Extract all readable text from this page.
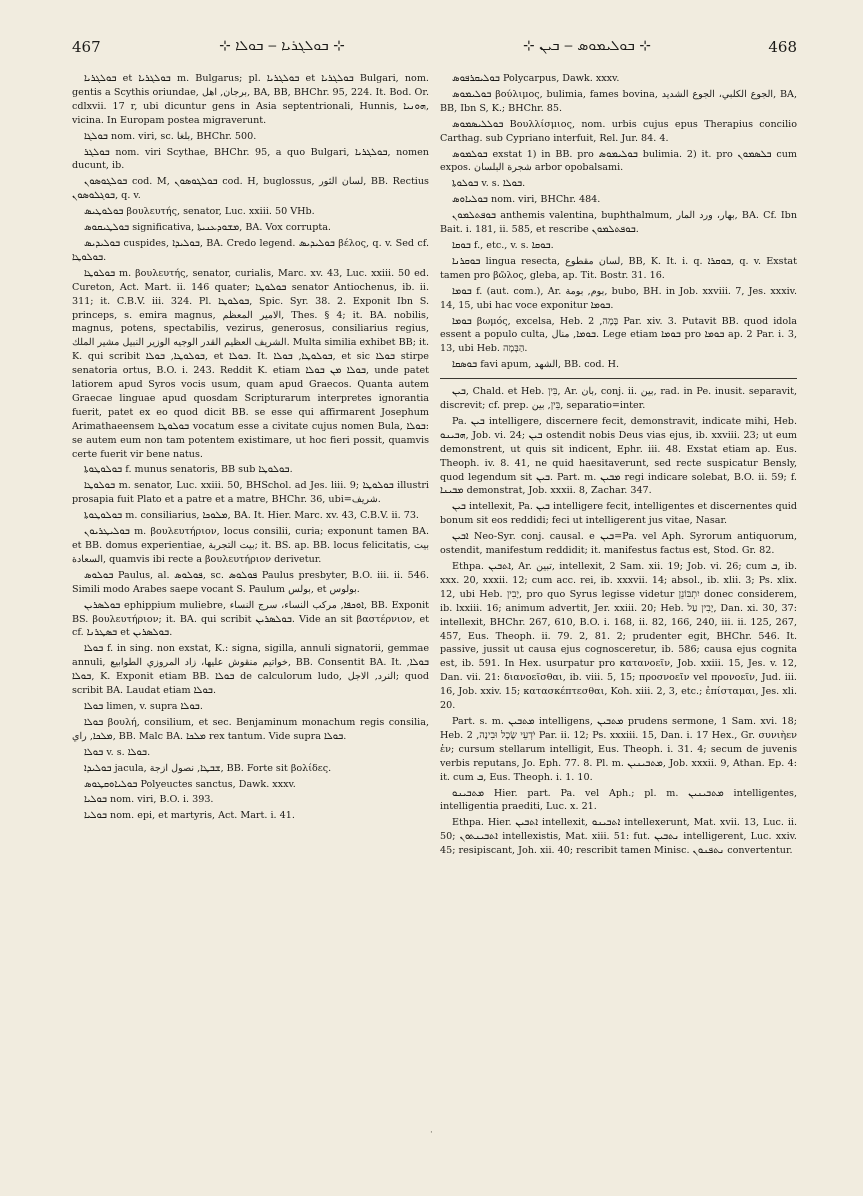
467	⊹ ܒܘܠܓܪܝܐ ‒ ܒܘܠܐ ⊹	⊹ ܒܘܠܝܡܘܣ ‒ ܒܝܢ ⊹	468

ܒܘܠܓܪܝܐ et ܒܘܠܓܪܝܐ m. Bulgarus; pl. ܒܘܠܓܪܝܐ et ܒܘܠܓܪܝܐ Bulgari, nom. gentis a Scythis oriundae, برجان, اهل, BA, BB, BHChr. 95, 224. It. Bod. Or. cdlxvii. 17 r, ubi dicuntur gens in Asia septentrionali, Hunnis, ܗܘܢܝܐ, vicina. In Europam postea migraverunt.

ܒܘܠܓܐ nom. viri, sc. بلغا, BHChr. 500.

ܒܘܠܓܪ nom. viri Scythae, BHChr. 95, a quo Bulgari, ܒܘܠܓܪܝܐ, nomen ducunt, ib.

ܒܘܠܓܘܣܘܢ cod. M, ܒܘܠܓܘܣܘܢ cod. H, buglossus, لسان الثور, BB. Rectius ܒܘܓܠܘܣܘܢ, q. v.

ܒܘܠܘܛܝܣ βουλευτής, senator, Luc. xxiii. 50 VHb.

ܒܘܠܛܝܩܘܣ significativa, ܡܫܘܕܥܢܝܬܐ, BA. Vox corrupta.

ܒܘܠܝܕܝܣ cuspides, ܒܘܠܝܕܐ, BA. Credo legend. ܒܘܠܝܕܝܣ βέλος, q. v. Sed cf. ܒܘܠܘܛܐ.

ܒܘܠܘܛܐ m. βουλευτής, senator, curialis, Marc. xv. 43, Luc. xxiii. 50 ed. Cureton, Act. Mart. ii. 146 quater; ܒܘܠܘܛܐ senator Antiochenus, ib. ii. 311; it. C.B.V. iii. 324. Pl. ܒܘܠܘܛܐ, Spic. Syr. 38. 2. Exponit Ibn S. princeps, s. emira magnus, الامير المعظم, Thes. § 4; it. BA. nobilis, magnus, potens, spectabilis, vezirus, generosus, consiliarius regius, الشريف العظيم القدر الوجيه الوزير النبيل مشير الملك. Multa similia exhibet BB; it. K. qui scribit ܒܘܠܘܛܐ, ܒܘܠܐ, et ܒܘܠܐ. It. ܒܘܠܘܛܐ, ܒܘܠܐ, et sic ܒܘܠܐ stirpe senatoria ortus, B.O. i. 243. Reddit K. etiam ܒܘܠܐ ܡܢ ܒܘܠܐ, unde patet latiorem apud Syros vocis usum, quam apud Graecos. Quanta autem Graecae linguae apud quosdam Scripturarum interpretes ignorantia fuerit, patet ex eo quod dicit BB. se esse qui affirmarent Josephum Arimathaeensem ܒܘܠܘܛܐ vocatum esse a civitate cujus nomen Bula, ܒܘܠܐ: se autem eum non tam potentem existimare, ut hoc fieri possit, quamvis certe fuerit vir bene natus.

ܒܘܠܘܛܘܬܐ f. munus senatoris, BB sub ܒܘܠܘܛܐ.

ܒܘܠܘܛܐ m. senator, Luc. xxiii. 50, BHSchol. ad Jes. liii. 9; ܒܘܠܘܛܐ illustri prosapia fuit Plato et a patre et a matre, BHChr. 36, ubi=شريف.

ܒܘܠܘܛܘܬܐ m. consiliarius, ܡܠܘܟܐ, BA. It. Hier. Marc. xv. 43, C.B.V. ii. 73.

ܒܘܠܝܛܪܝܘܢ m. βουλευτήριον, locus consilii, curia; exponunt tamen BA. et BB. domus experientiae, بيت التجربة; it. BS. ap. BB. locus felicitatis, بيت السعادة, quamvis ibi recte a βουλευτήριον derivetur.

ܒܘܠܘܣ Paulus, al. ܦܘܠܘܣ, sc. ܦܘܠܘܣ Paulus presbyter, B.O. iii. ii. 546. Simili modo Arabes saepe vocant S. Paulum بولس, et بولوس.

ܒܘܠܣܪܝܢ ephippium muliebre, ܐܘܟܦܐ, مركب النساء، سرج النساء, BB. Exponit BS. βουλευτήριον; it. BA. qui scribit ܒܘܠܣܪܝܢ. Vide an sit βαστέρνιον, et cf. ܒܣܛܪܢܐ et ܒܘܠܣܪܝܢ.

ܒܘܠܐ f. in sing. non exstat, K.: signa, sigilla, annuli signatorii, gemmae annuli, خواتيم منقوش عليها، زاد المروزي الطوابيع, BB. Consentit BA. It. ܒܘܠܐ, ܒܘܠܐ, K. Exponit etiam BB. ܒܘܠܐ de calculorum ludo, النرد, الاجل; quod scribit BA. Laudat etiam ܒܘܠܐ.

ܒܘܠܐ limen, v. supra ܒܘܠܐ.

ܒܘܠܐ βουλή, consilium, et sec. Benjaminum monachum regis consilia, ܡܠܟܐ, راي, BB. Malc BA. ܡܠܟܐ rex tantum. Vide supra ܒܘܠܐ.

ܒܘܠܐ v. s. ܒܘܠܐ.

ܒܘܠܝܕܐ jacula, ܫܒܛܐ, نصول ازجة, BB. Forte sit βολίδες.

ܒܘܠܝܐܘܩܛܘܣ Polyeuctes sanctus, Dawk. xxxv.

ܒܘܠܝܐ nom. viri, B.O. i. 393.

ܒܘܠܝܐ nom. epi, et martyris, Act. Mart. i. 41.

ܒܘܠܝܩܪܦܘܣ Polycarpus, Dawk. xxxv.

ܒܘܠܝܡܘܣ βούλιμος, bulimia, fames bovina, الجوع الكلبي، الجوع الشديد, BA, BB, Ibn S, K.; BHChr. 85.

ܒܘܠܠܝܣܡܘܣ Βουλλίσμιος, nom. urbis cujus epus Therapius concilio Carthag. sub Cypriano interfuit, Rel. Jur. 84. 4.

ܒܘܠܡܘܣ exstat 1) in BB. pro ܒܘܠܝܡܘܣ bulimia. 2) it. pro ܒܠܣܡܘܢ cum expos. شجرة البلسان arbor opobalsami.

ܒܘܠܘܬܐ v. s. ܒܘܠܐ.

ܒܘܠܝܐܘܣ nom. viri, BHChr. 484.

ܒܘܦܬܠܡܘܢ anthemis valentina, buphthalmum, بهار، ورد المار, BA. Cf. Ibn Bait. i. 181, ii. 585, et rescribe ܒܘܦܬܠܡܘܢ.

ܒܘܩܐ f., etc., v. s. ܒܘܩܐ.

ܒܘܩܪܢܐ lingua resecta, لسان مقطوع, BB, K. It. i. q. ܒܘܩܪܐ, q. v. Exstat tamen pro βῶλος, gleba, ap. Tit. Bostr. 31. 16.

ܒܘܡܐ f. (aut. com.), Ar. بوم, بومة, bubo, BH. in Job. xxviii. 7, Jes. xxxiv. 14, 15, ubi hac voce exponitur ܒܘܡܐ.

ܒܘܡܐ βωμός, excelsa, Heb. בָּמָה, 2 Par. xiv. 3. Putavit BB. quod idola essent a populo culta, ܒܘܡܐ, منال. Lege etiam ܒܘܡܐ pro ܒܘܡܐ ap. 2 Par. i. 3, 13, ubi Heb. הַבָּמָה.

ܒܘܣܩܐ favi apum, الشهد, BB. cod. H.

ܒܝܢ, Chald. et Heb. בִּין, Ar. بان, conj. ii. بين, rad. in Pe. inusit. separavit, discrevit; cf. prep. בֵּין, بين, separatio=inter.

Pa. ܒܝܢ intelligere, discernere fecit, demonstravit, indicate mihi, Heb. ܗܒܝܢܘ, Job. vi. 24; ܒܝܢ ostendit nobis Deus vias ejus, ib. xxviii. 23; ut eum demonstrent, ut quis sit indicent, Ephr. iii. 48. Exstat etiam ap. Eus. Theoph. iv. 8. 41, ne quid haesitaverunt, sed recte suspicatur Bensly, quod legendum sit ܒܝܢ. Part. m. ܡܒܝܢ regi indicare solebat, B.O. ii. 59; f. ܡܒܝܢܐ demonstrat, Job. xxxii. 8, Zachar. 347.

ܒܝܢ intellexit, Pa. ܒܝܢ intelligere fecit, intelligentes et discernentes quid bonum sit eos reddidi; feci ut intelligerent jus vitae, Nasar.

ܐܒܝܢ Neo-Syr. conj. causal. e ܒܝܢ=Pa. vel Aph. Syrorum antiquorum, ostendit, manifestum reddidit; it. manifestus factus est, Stod. Gr. 82.

Ethpa. ܐܬܒܝܢ, Ar. تبين, intellexit, 2 Sam. xii. 19; Job. vi. 26; cum ܒ, ib. xxx. 20, xxxii. 12; cum acc. rei, ib. xxxvii. 14; absol., ib. xlii. 3; Ps. xlix. 12, ubi Heb. יָבִין, pro quo Syrus legisse videtur יִתְבּוֹנֵן donec considerem, ib. lxxiii. 16; animum advertit, Jer. xxiii. 20; Heb. יָבִין עַל, Dan. xi. 30, 37: intellexit, BHChr. 267, 610, B.O. i. 168, ii. 82, 166, 240, iii. ii. 125, 267, 457, Eus. Theoph. ii. 79. 2, 81. 2; prudenter egit, BHChr. 546. It. passive, jussit ut causa ejus cognosceretur, ib. 586; causa ejus cognita est, ib. 591. In Hex. usurpatur pro κατανοεῖν, Job. xxiii. 15, Jes. v. 12, Dan. vii. 21: διανοεῖσθαι, ib. viii. 5, 15; προσνοεῖν vel προνοεῖν, Jud. iii. 16, Job. xxiv. 15; κατασκέπτεσθαι, Koh. xiii. 2, 3, etc.; ἐπίσταμαι, Jes. xli. 20.

Part. s. m. ܡܬܒܝܢ intelligens, ܡܬܒܝܢ prudens sermone, 1 Sam. xvi. 18; Heb. יֹדְעֵי שֶׂכֶל וּבִינָה, 2 Par. ii. 12; Ps. xxxiii. 15, Dan. i. 17 Hex., Gr. συνιὴεν ἐν; cursum stellarum intelligit, Eus. Theoph. i. 31. 4; secum de juvenis verbis reputans, Jo. Eph. 77. 8. Pl. m. ܡܬܒܝܢܝܢ, Job. xxxii. 9, Athan. Ep. 4: it. cum ܒ, Eus. Theoph. i. 1. 10.

ܡܬܒܝܢܘ Hier. part. Pa. vel Aph.; pl. m. ܡܬܒܝܢܝܢ intelligentes, intelligentia praediti, Luc. x. 21.

Ethpa. Hier. ܐܬܒܝܢ intellexit, ܐܬܒܝܢܘ intellexerunt, Mat. xvii. 13, Luc. ii. 50; ܐܬܒܝܢܬܘܢ intellexistis, Mat. xiii. 51: fut. ܢܬܒܝܢ intelligerent, Luc. xxiv. 45; resipiscant, Joh. xii. 40; rescribit tamen Minisc. ܢܬܦܢܘܢ convertentur.

·
